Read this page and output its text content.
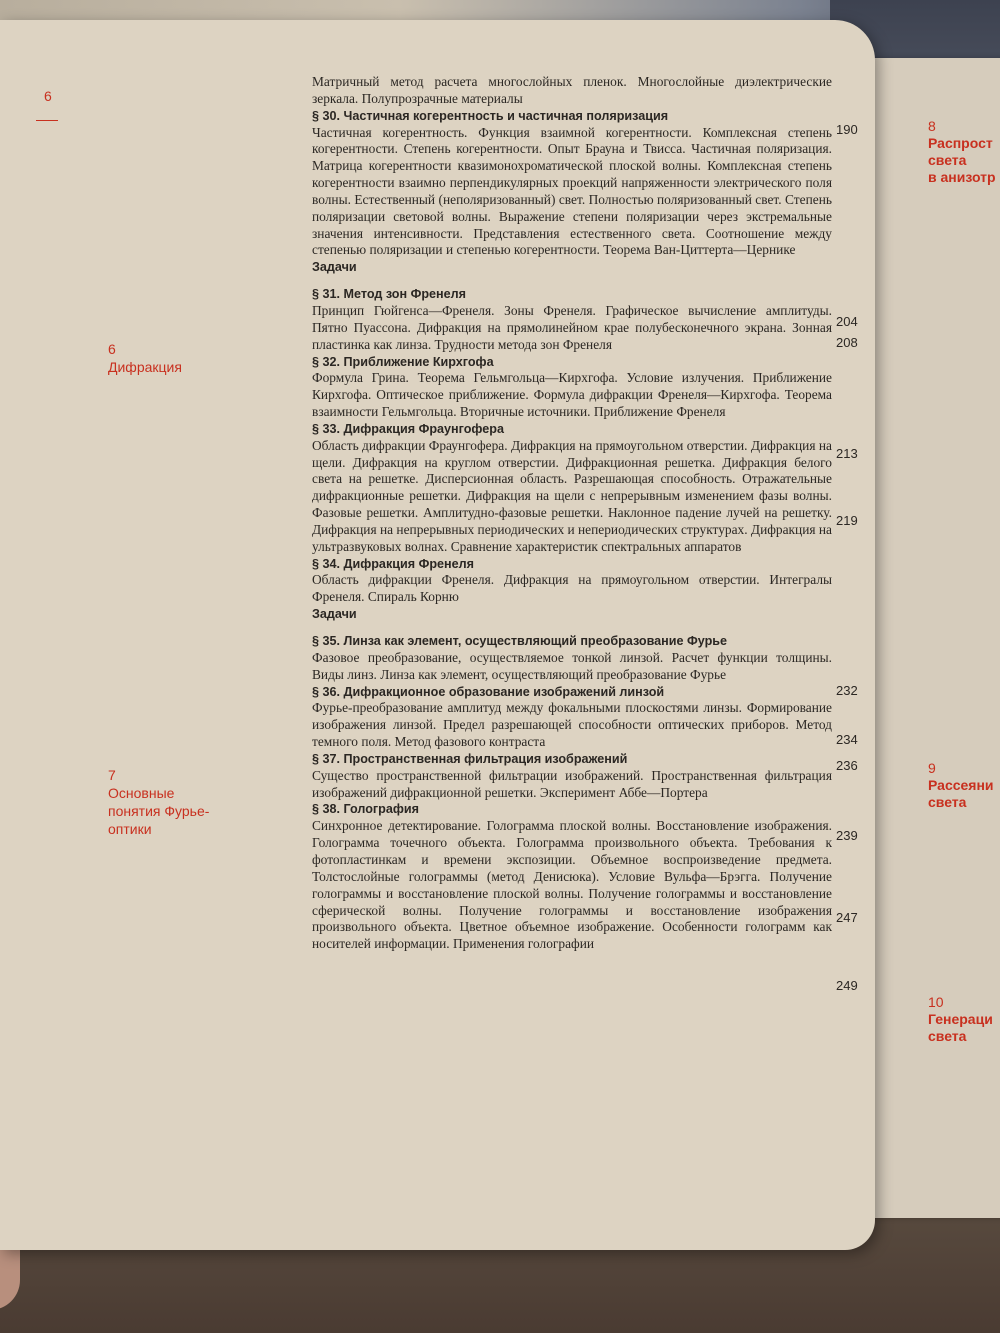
8
Распрост
света
в анизотр
9
Рассеяни
света
10
Генераци
света
6
6
Дифракция
7
Основные понятия Фурье-оптики
190
204
208
213
219
232
234
236
239
247
249
Матричный метод расчета многослойных пленок. Многослойные диэлектрические зеркала. Полупрозрачные материалы
§ 30. Частичная когерентность и частичная поляризация
Частичная когерентность. Функция взаимной когерентности. Комплексная степень когерентности. Степень когерентности. Опыт Брауна и Твисса. Частичная поляризация. Матрица когерентности квазимонохроматической плоской волны. Комплексная степень когерентности взаимно перпендикулярных проекций напряженности электрического поля волны. Естественный (неполяризованный) свет. Полностью поляризованный свет. Степень поляризации световой волны. Выражение степени поляризации через экстремальные значения интенсивности. Представления естественного света. Соотношение между степенью поляризации и степенью когерентности. Теорема Ван-Циттерта—Цернике
Задачи
§ 31. Метод зон Френеля
Принцип Гюйгенса—Френеля. Зоны Френеля. Графическое вычисление амплитуды. Пятно Пуассона. Дифракция на прямолинейном крае полубесконечного экрана. Зонная пластинка как линза. Трудности метода зон Френеля
§ 32. Приближение Кирхгофа
Формула Грина. Теорема Гельмгольца—Кирхгофа. Условие излучения. Приближение Кирхгофа. Оптическое приближение. Формула дифракции Френеля—Кирхгофа. Теорема взаимности Гельмгольца. Вторичные источники. Приближение Френеля
§ 33. Дифракция Фраунгофера
Область дифракции Фраунгофера. Дифракция на прямоугольном отверстии. Дифракция на щели. Дифракция на круглом отверстии. Дифракционная решетка. Дифракция белого света на решетке. Дисперсионная область. Разрешающая способность. Отражательные дифракционные решетки. Дифракция на щели с непрерывным изменением фазы волны. Фазовые решетки. Амплитудно-фазовые решетки. Наклонное падение лучей на решетку. Дифракция на непрерывных периодических и непериодических структурах. Дифракция на ультразвуковых волнах. Сравнение характеристик спектральных аппаратов
§ 34. Дифракция Френеля
Область дифракции Френеля. Дифракция на прямоугольном отверстии. Интегралы Френеля. Спираль Корню
Задачи
§ 35. Линза как элемент, осуществляющий преобразование Фурье
Фазовое преобразование, осуществляемое тонкой линзой. Расчет функции толщины. Виды линз. Линза как элемент, осуществляющий преобразование Фурье
§ 36. Дифракционное образование изображений линзой
Фурье-преобразование амплитуд между фокальными плоскостями линзы. Формирование изображения линзой. Предел разрешающей способности оптических приборов. Метод темного поля. Метод фазового контраста
§ 37. Пространственная фильтрация изображений
Существо пространственной фильтрации изображений. Пространственная фильтрация изображений дифракционной решетки. Эксперимент Аббе—Портера
§ 38. Голография
Синхронное детектирование. Голограмма плоской волны. Восстановление изображения. Голограмма точечного объекта. Голограмма произвольного объекта. Требования к фотопластинкам и времени экспозиции. Объемное воспроизведение предмета. Толстослойные голограммы (метод Денисюка). Условие Вульфа—Брэгга. Получение голограммы и восстановление плоской волны. Получение голограммы и восстановление сферической волны. Получение голограммы и восстановление изображения произвольного объекта. Цветное объемное изображение. Особенности голограмм как носителей информации. Применения голографии
